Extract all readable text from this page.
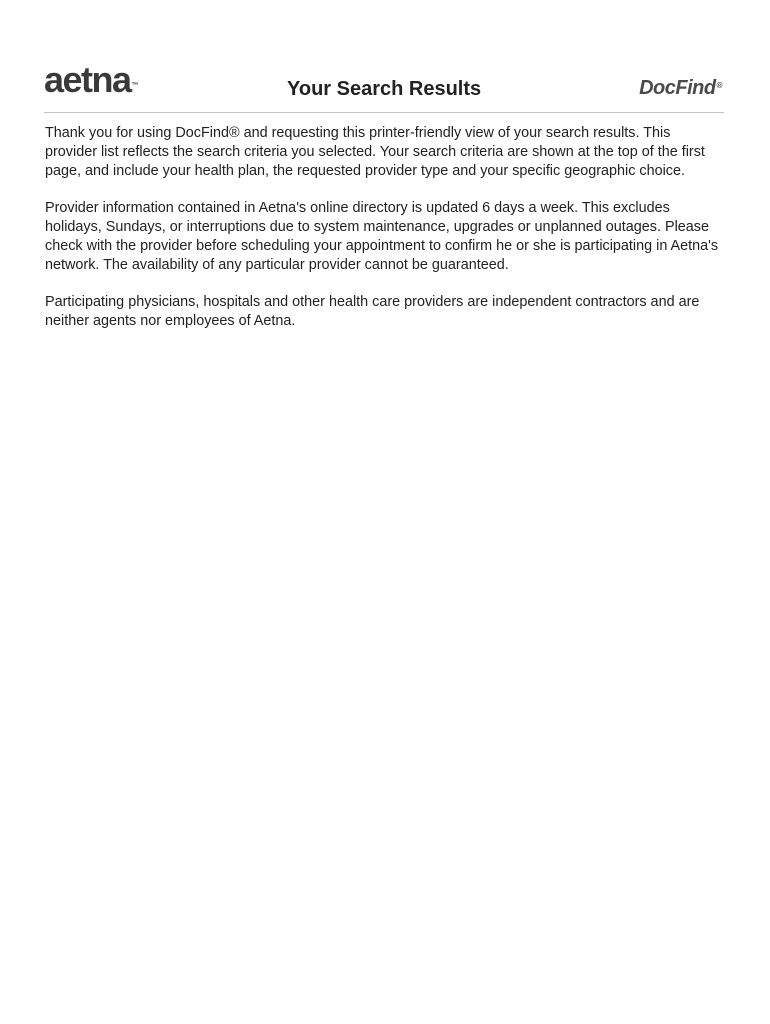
aetna™	Your Search Results	DocFind®

Thank you for using DocFind® and requesting this printer-friendly view of your search results. This provider list reflects the search criteria you selected. Your search criteria are shown at the top of the first page, and include your health plan, the requested provider type and your specific geographic choice.

Provider information contained in Aetna's online directory is updated 6 days a week. This excludes holidays, Sundays, or interruptions due to system maintenance, upgrades or unplanned outages. Please check with the provider before scheduling your appointment to confirm he or she is participating in Aetna's network. The availability of any particular provider cannot be guaranteed.

Participating physicians, hospitals and other health care providers are independent contractors and are neither agents nor employees of Aetna.
